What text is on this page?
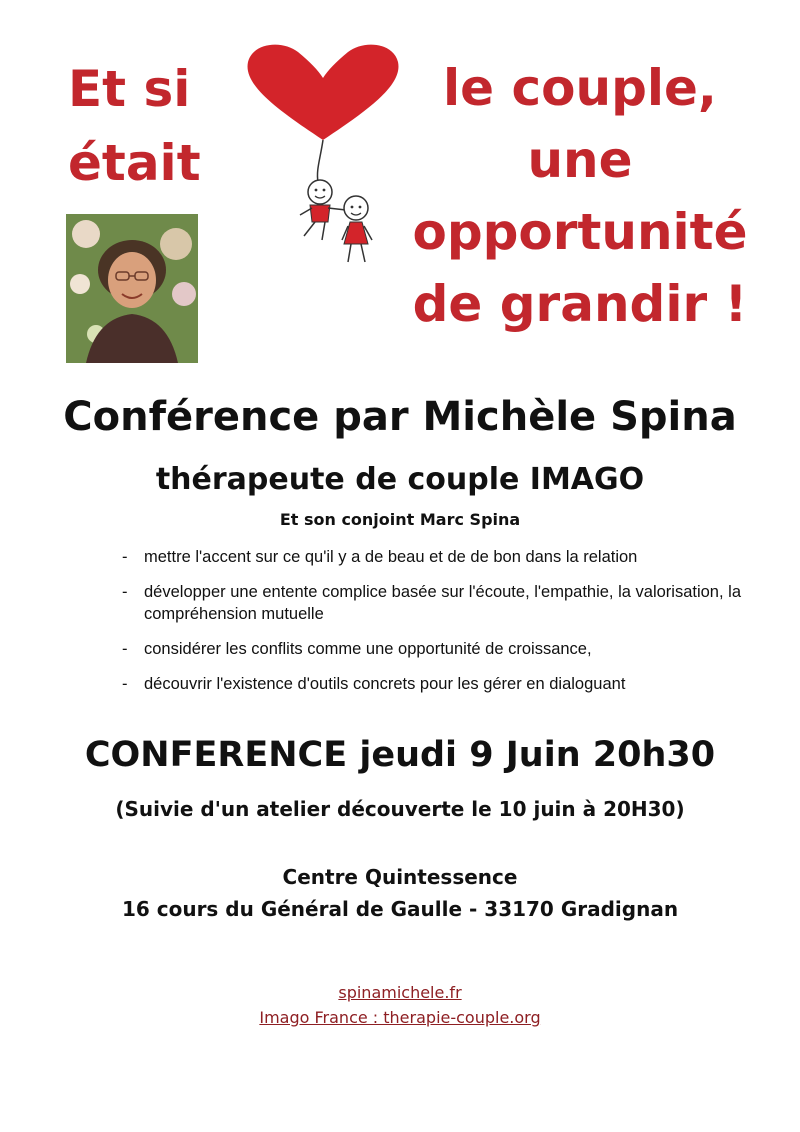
Et si
était
le couple,
une
opportunité
de grandir !
Conférence par Michèle Spina
thérapeute de couple IMAGO
Et son conjoint Marc Spina
- mettre l'accent sur ce qu'il y a de beau et de de bon dans la relation
- développer une entente complice basée sur l'écoute, l'empathie, la valorisation, la compréhension mutuelle
- considérer les conflits comme une opportunité de croissance,
- découvrir l'existence d'outils concrets pour les gérer en dialoguant
CONFERENCE jeudi 9 Juin 20h30
(Suivie d'un atelier découverte le 10 juin à 20H30)
Centre Quintessence
16 cours du Général de Gaulle - 33170 Gradignan
spinamichele.fr
Imago France : therapie-couple.org
